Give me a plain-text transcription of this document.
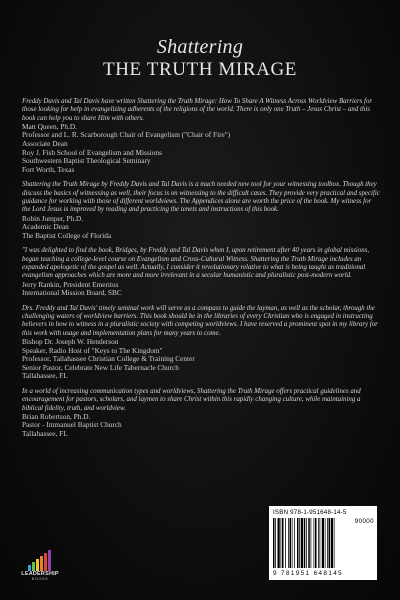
Shattering
THE TRUTH MIRAGE

Freddy Davis and Tal Davis have written Shattering the Truth Mirage: How To Share A Witness Across Worldview Barriers for those looking for help in evangelizing adherents of the religions of the world. There is only one Truth – Jesus Christ – and this book can help you to share Him with others.

Matt Queen, Ph.D.

Professor and L. R. Scarborough Chair of Evangelism ("Chair of Fire")

Associate Dean

Roy J. Fish School of Evangelism and Missions

Southwestern Baptist Theological Seminary

Fort Worth, Texas

Shattering the Truth Mirage by Freddy Davis and Tal Davis is a much needed new tool for your witnessing toolbox. Though they discuss the basics of witnessing as well, their focus is on witnessing to the difficult cases. They provide very practical and specific guidance for working with those of different worldviews. The Appendices alone are worth the price of the book. My witness for the Lord Jesus is improved by reading and practicing the tenets and instructions of this book.

Robin Jumper, Ph.D.

Academic Dean

The Baptist College of Florida

"I was delighted to find the book, Bridges, by Freddy and Tal Davis when I, upon retirement after 40 years in global missions, began teaching a college-level course on Evangelism and Cross-Cultural Witness. Shattering the Truth Mirage includes an expanded apologetic of the gospel as well. Actually, I consider it revolutionary relative to what is being taught as traditional evangelism approaches which are more and more irrelevant in a secular humanistic and pluralistic post-modern world.

Jerry Rankin, President Emeritus

International Mission Board, SBC

Drs. Freddy and Tal Davis' timely seminal work will serve as a compass to guide the layman, as well as the scholar, through the challenging waters of worldview barriers. This book should be in the libraries of every Christian who is engaged in instructing believers in how to witness in a pluralistic society with competing worldviews. I have reserved a prominent spot in my library for this work with usage and implementation plans for many years to come.

Bishop Dr. Joseph W. Henderson

Speaker, Radio Host of "Keys to The Kingdom"

Professor, Tallahassee Christian College & Training Center

Senior Pastor, Celebrate New Life Tabernacle Church

Tallahassee, FL

In a world of increasing communication types and worldviews, Shattering the Truth Mirage offers practical guidelines and encouragement for pastors, scholars, and laymen to share Christ within this rapidly changing culture, while maintaining a biblical fidelity, truth, and worldview.

Brian Robertson, Ph.D.

Pastor - Immanuel Baptist Church

Tallahassee, FL

LEADERSHIP
BOOKS
ISBN 978-1-951648-14-5
90000
9 781951 648145
